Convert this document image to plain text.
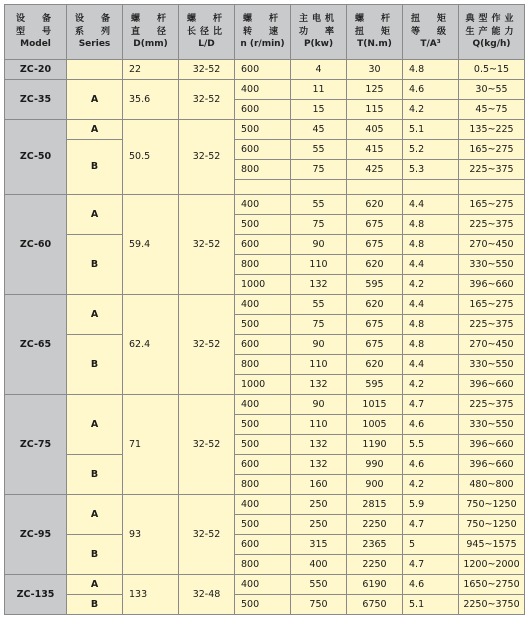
设　备
型　号
Model	设　备
系　列
Series	螺　杆
直　径
D(mm)	螺　杆
长径比
L/D	螺　杆
转　速
n (r/min)	主电机
功　率
P(kw)	螺　杆
扭　矩
T(N.m)	扭　矩
等　级
T/A³	典型作业
生产能力
Q(kg/h)

ZC-20		22	32-52	600	4	30	4.8	0.5~15
ZC-35	A	35.6	32-52	400	11	125	4.6	30~55
				600	15	115	4.2	45~75
ZC-50	A	50.5	32-52	500	45	405	5.1	135~225
	B			600	55	415	5.2	165~275
				800	75	425	5.3	225~375

ZC-60	A	59.4	32-52	400	55	620	4.4	165~275
				500	75	675	4.8	225~375
	B			600	90	675	4.8	270~450
				800	110	620	4.4	330~550
				1000	132	595	4.2	396~660
ZC-65	A	62.4	32-52	400	55	620	4.4	165~275
				500	75	675	4.8	225~375
	B			600	90	675	4.8	270~450
				800	110	620	4.4	330~550
				1000	132	595	4.2	396~660
ZC-75	A	71	32-52	400	90	1015	4.7	225~375
				500	110	1005	4.6	330~550
				500	132	1190	5.5	396~660
	B			600	132	990	4.6	396~660
				800	160	900	4.2	480~800
ZC-95	A	93	32-52	400	250	2815	5.9	750~1250
				500	250	2250	4.7	750~1250
	B			600	315	2365	5	945~1575
				800	400	2250	4.7	1200~2000
ZC-135	A	133	32-48	400	550	6190	4.6	1650~2750
	B			500	750	6750	5.1	2250~3750
